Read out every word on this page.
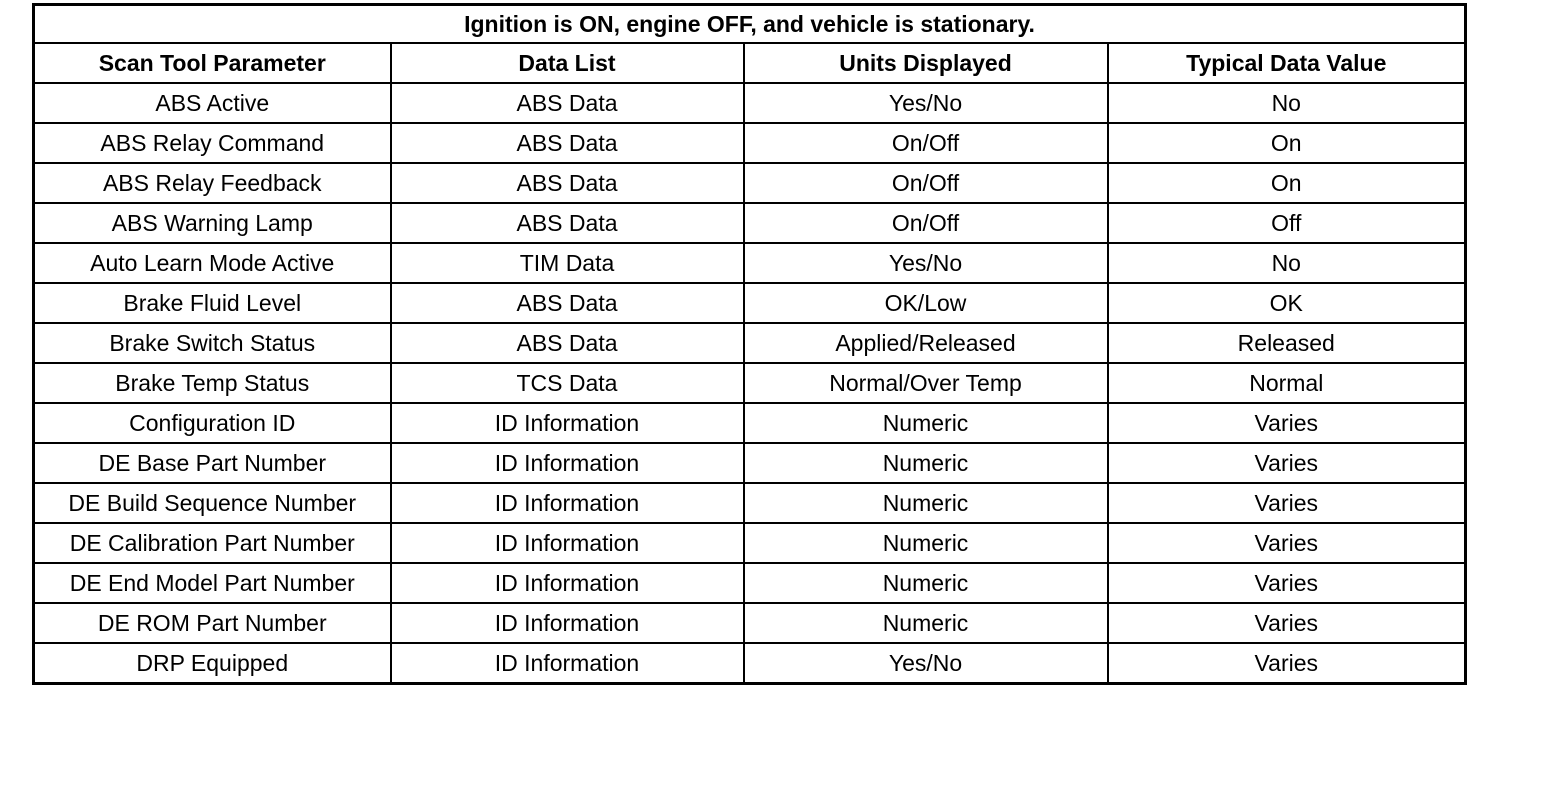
Ignition is ON, engine OFF, and vehicle is stationary.			
Scan Tool Parameter	Data List	Units Displayed	Typical Data Value
ABS Active	ABS Data	Yes/No	No
ABS Relay Command	ABS Data	On/Off	On
ABS Relay Feedback	ABS Data	On/Off	On
ABS Warning Lamp	ABS Data	On/Off	Off
Auto Learn Mode Active	TIM Data	Yes/No	No
Brake Fluid Level	ABS Data	OK/Low	OK
Brake Switch Status	ABS Data	Applied/Released	Released
Brake Temp Status	TCS Data	Normal/Over Temp	Normal
Configuration ID	ID Information	Numeric	Varies
DE Base Part Number	ID Information	Numeric	Varies
DE Build Sequence Number	ID Information	Numeric	Varies
DE Calibration Part Number	ID Information	Numeric	Varies
DE End Model Part Number	ID Information	Numeric	Varies
DE ROM Part Number	ID Information	Numeric	Varies
DRP Equipped	ID Information	Yes/No	Varies
